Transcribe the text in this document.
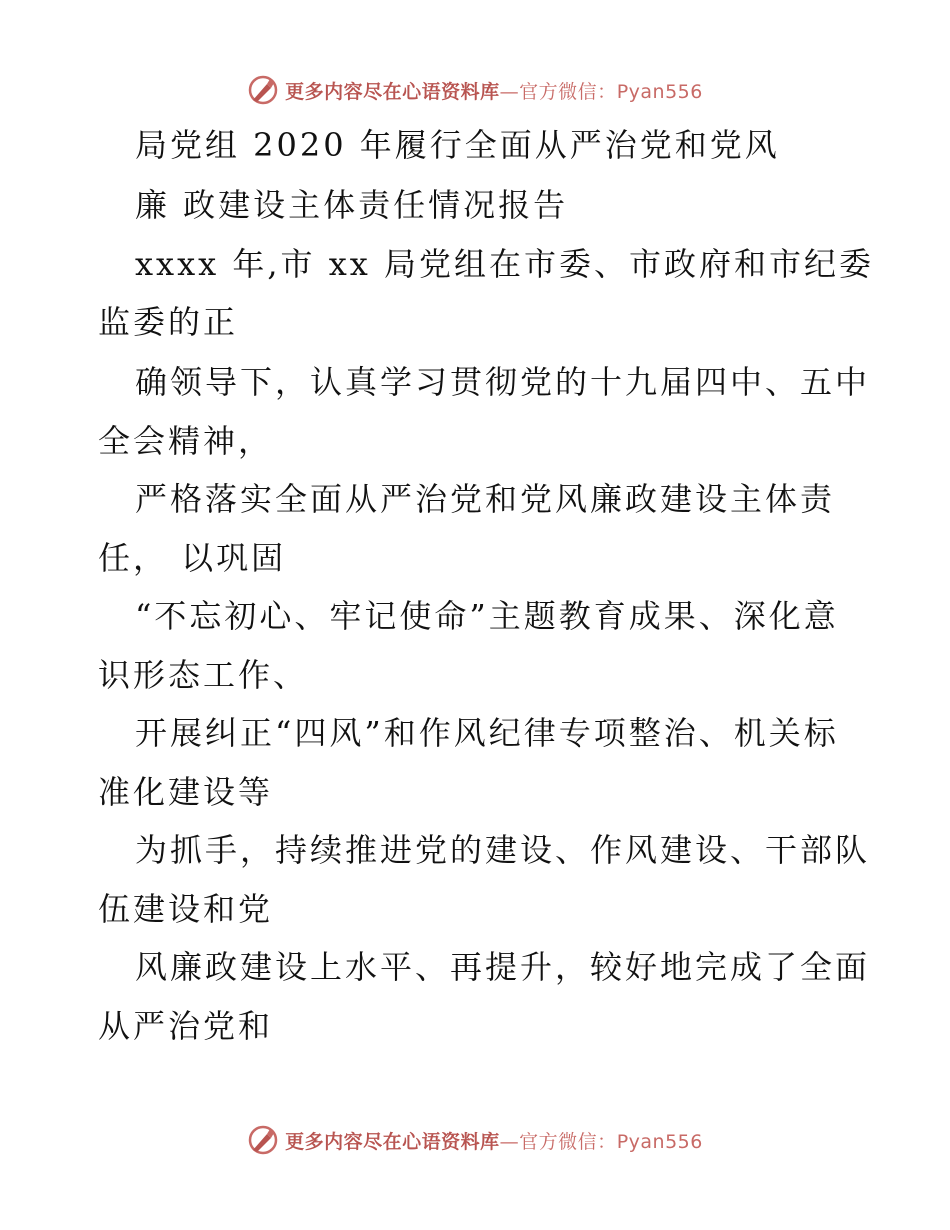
更多内容尽在心语资料库—官方微信：Pyan556

局党组 2020 年履行全面从严治党和党风

廉 政建设主体责任情况报告

xxxx 年,市 xx 局党组在市委、市政府和市纪委

监委的正

确领导下，认真学习贯彻党的十九届四中、五中

全会精神，

严格落实全面从严治党和党风廉政建设主体责

任， 以巩固

“不忘初心、牢记使命”主题教育成果、深化意

识形态工作、

开展纠正“四风”和作风纪律专项整治、机关标

准化建设等

为抓手，持续推进党的建设、作风建设、干部队

伍建设和党

风廉政建设上水平、再提升，较好地完成了全面

从严治党和

更多内容尽在心语资料库—官方微信：Pyan556
